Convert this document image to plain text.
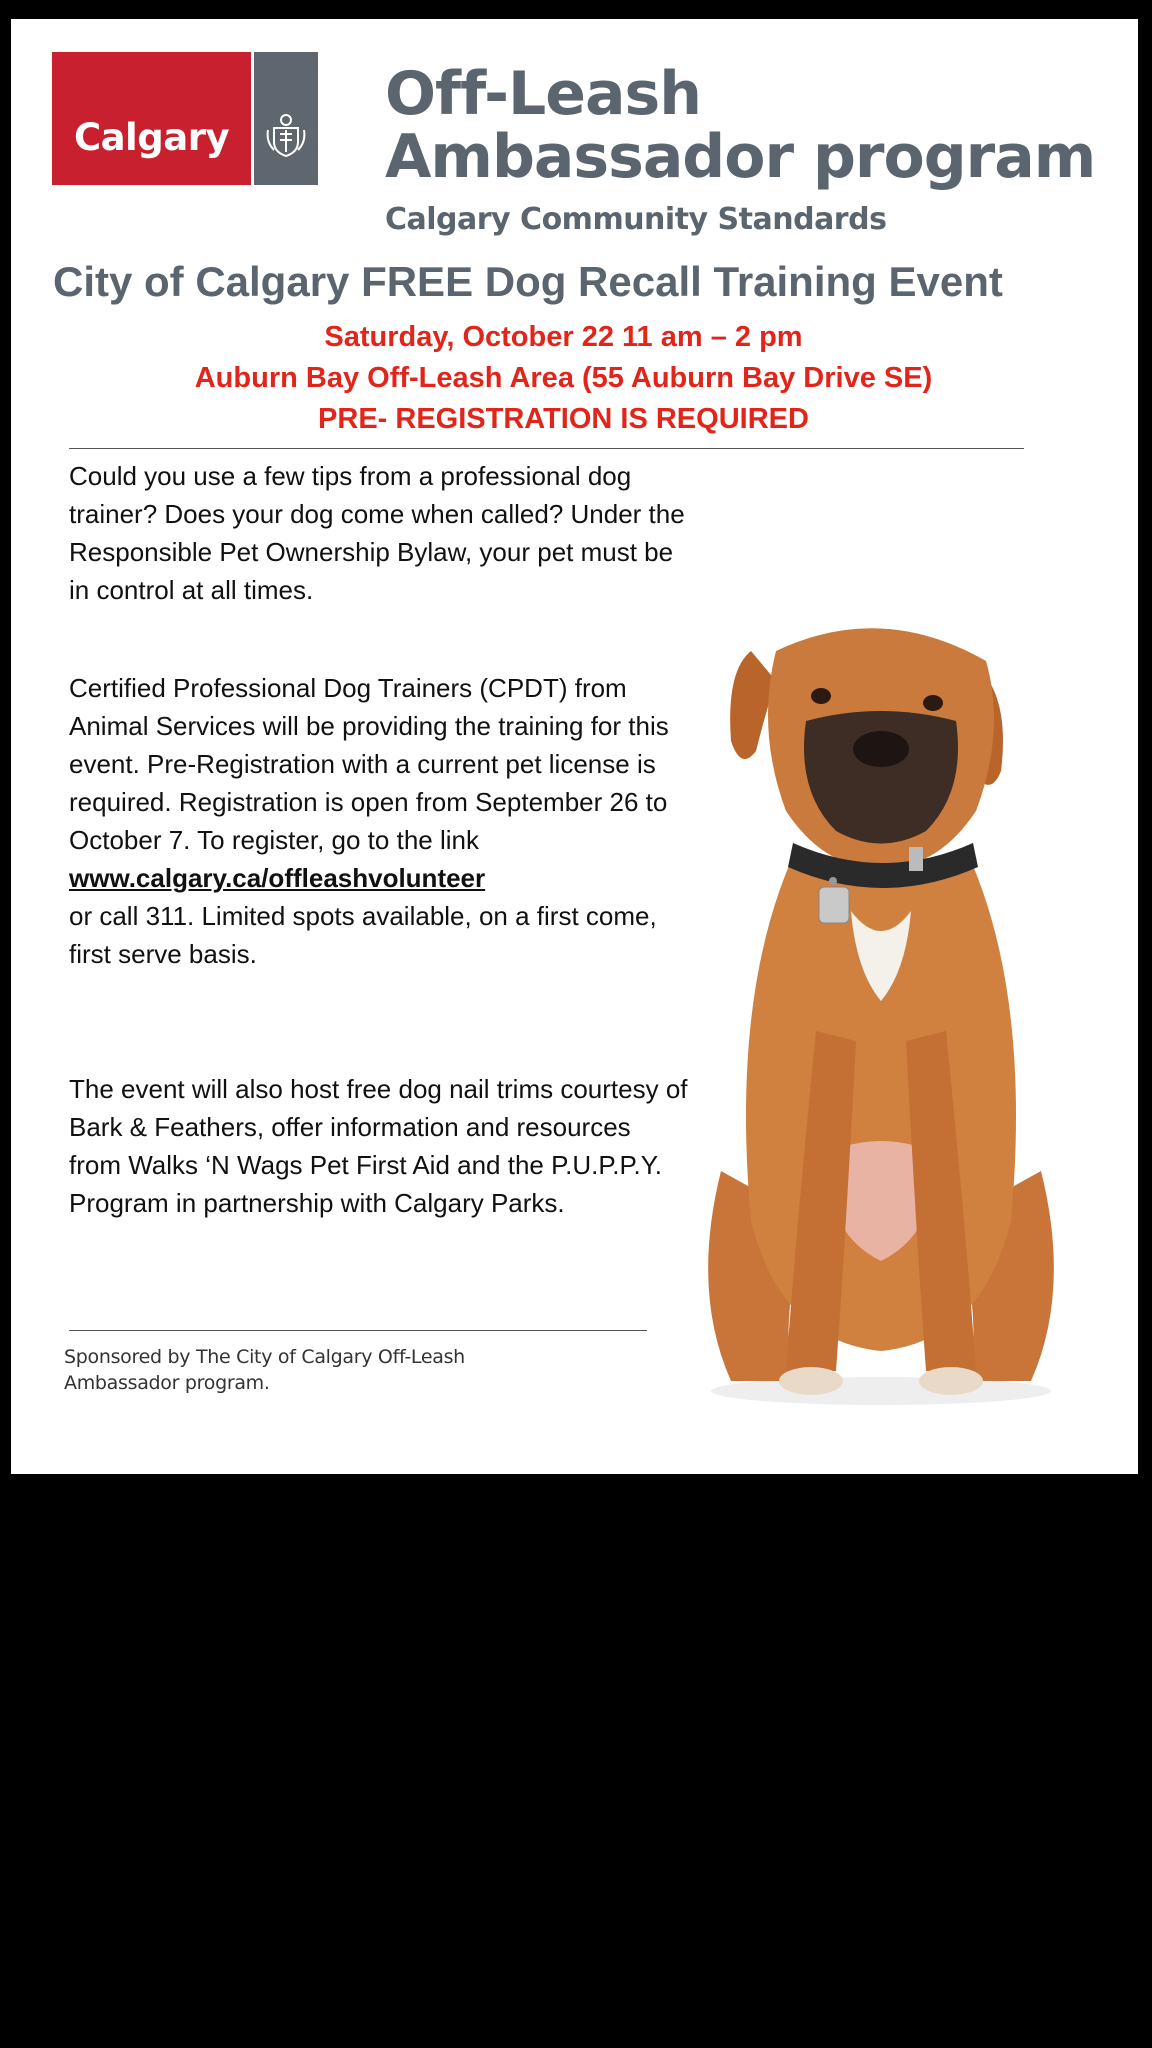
Calgary
Off-Leash
Ambassador program
Calgary Community Standards
City of Calgary FREE Dog Recall Training Event
Saturday, October 22 11 am – 2 pm
Auburn Bay Off-Leash Area (55 Auburn Bay Drive SE)
PRE- REGISTRATION IS REQUIRED

Could you use a few tips from a professional dog trainer? Does your dog come when called? Under the Responsible Pet Ownership Bylaw, your pet must be in control at all times.

Certified Professional Dog Trainers (CPDT) from Animal Services will be providing the training for this event. Pre-Registration with a current pet license is required. Registration is open from September 26 to October 7. To register, go to the link

www.calgary.ca/offleashvolunteer

or call 311. Limited spots available, on a first come, first serve basis.

The event will also host free dog nail trims courtesy of Bark & Feathers, offer information and resources from Walks ‘N Wags Pet First Aid and the P.U.P.P.Y. Program in partnership with Calgary Parks.

Sponsored by The City of Calgary Off-Leash Ambassador program.
